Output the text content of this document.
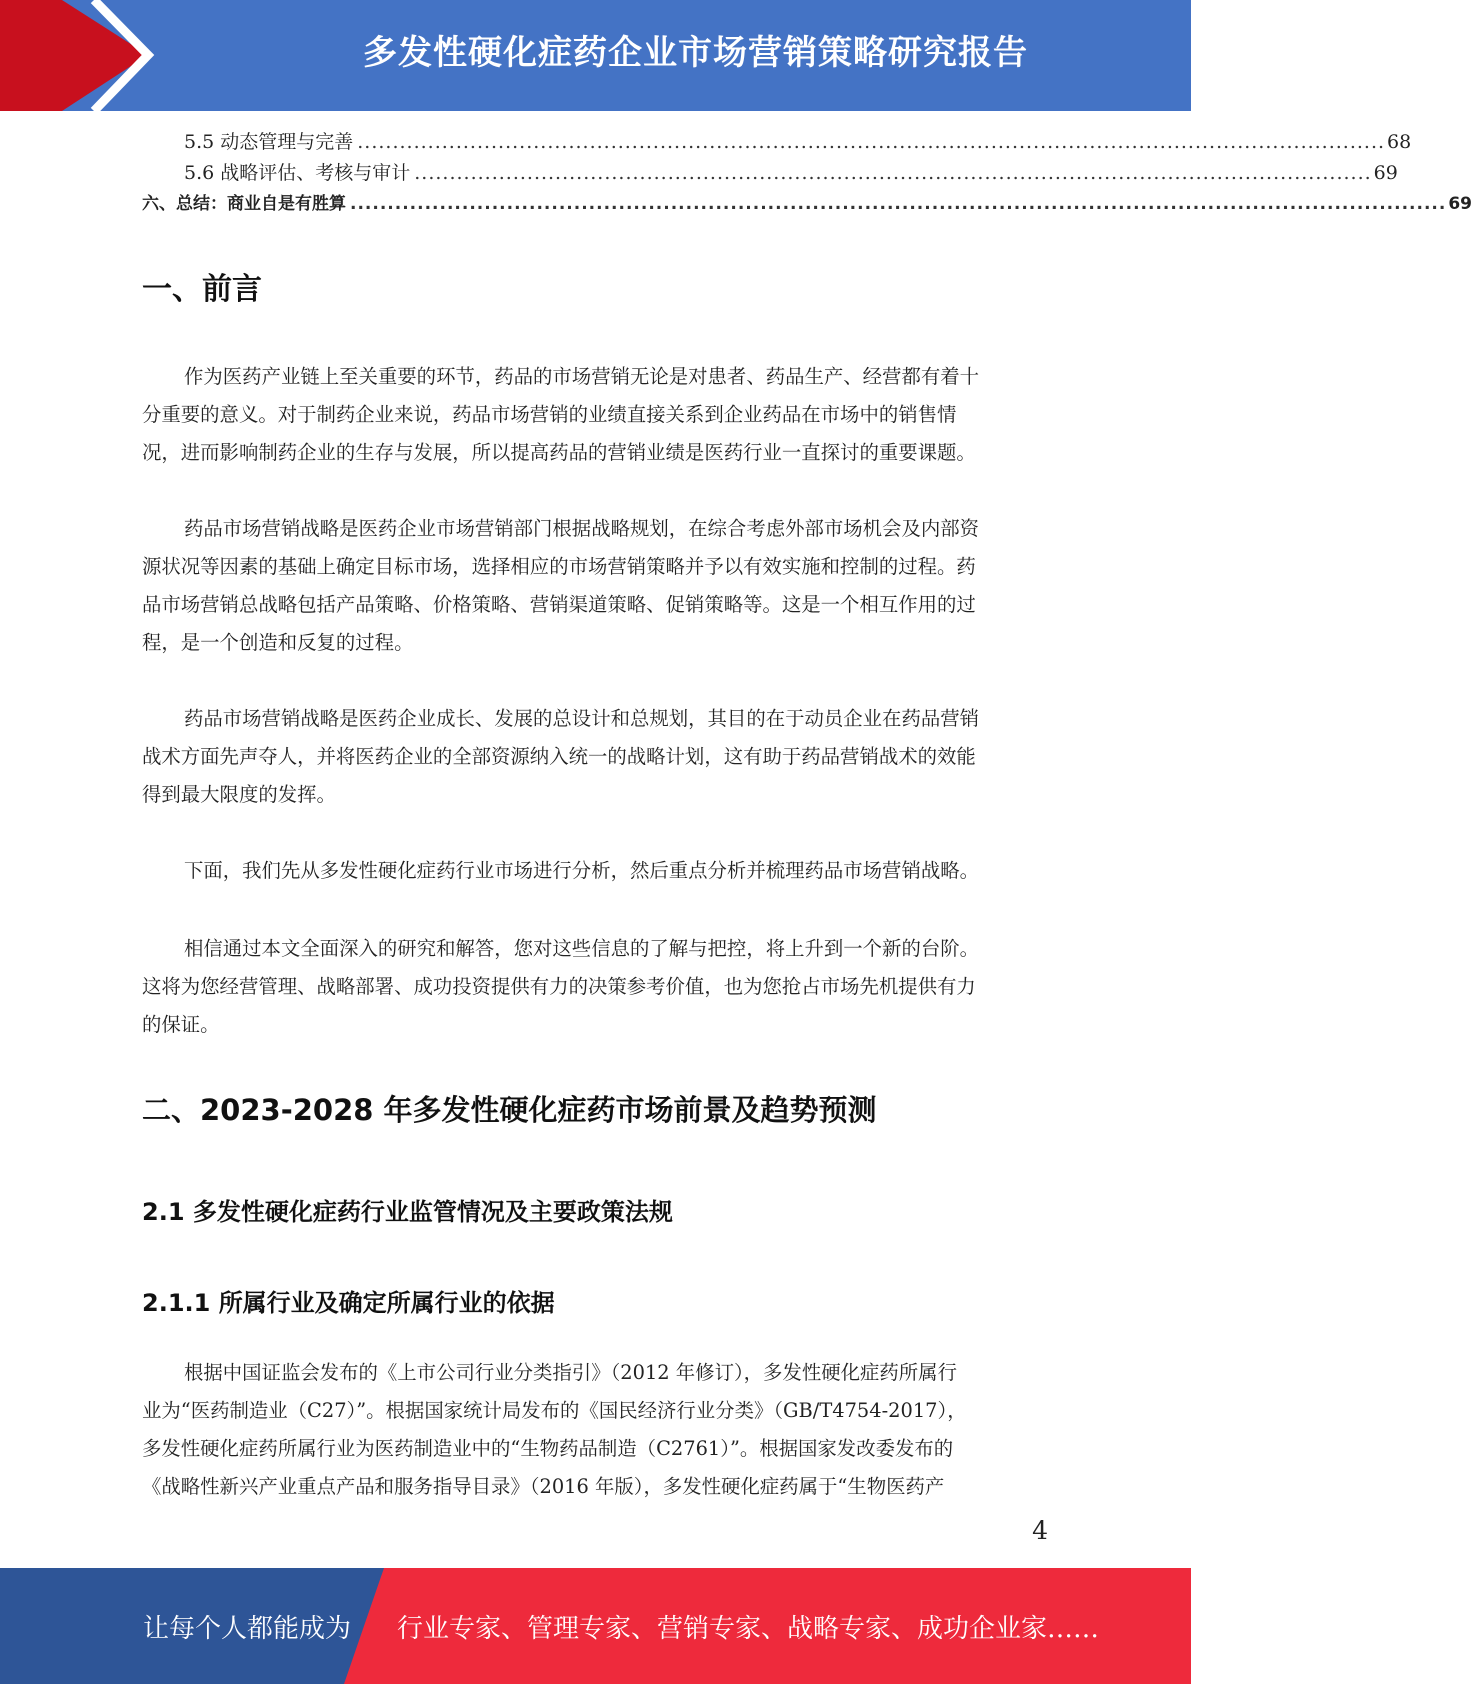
多发性硬化症药企业市场营销策略研究报告
5.5 动态管理与完善 .................................................................................................................................................. 68
5.6 战略评估、考核与审计 ........................................................................................................................................ 69
六、总结：商业自是有胜算 ................................................................................................................................................... 69
一、前言
作为医药产业链上至关重要的环节，药品的市场营销无论是对患者、药品生产、经营都有着十
分重要的意义。对于制药企业来说，药品市场营销的业绩直接关系到企业药品在市场中的销售情
况，进而影响制药企业的生存与发展，所以提高药品的营销业绩是医药行业一直探讨的重要课题。
药品市场营销战略是医药企业市场营销部门根据战略规划，在综合考虑外部市场机会及内部资
源状况等因素的基础上确定目标市场，选择相应的市场营销策略并予以有效实施和控制的过程。药
品市场营销总战略包括产品策略、价格策略、营销渠道策略、促销策略等。这是一个相互作用的过
程，是一个创造和反复的过程。
药品市场营销战略是医药企业成长、发展的总设计和总规划，其目的在于动员企业在药品营销
战术方面先声夺人，并将医药企业的全部资源纳入统一的战略计划，这有助于药品营销战术的效能
得到最大限度的发挥。
下面，我们先从多发性硬化症药行业市场进行分析，然后重点分析并梳理药品市场营销战略。
相信通过本文全面深入的研究和解答，您对这些信息的了解与把控，将上升到一个新的台阶。
这将为您经营管理、战略部署、成功投资提供有力的决策参考价值，也为您抢占市场先机提供有力
的保证。
二、2023-2028 年多发性硬化症药市场前景及趋势预测
2.1 多发性硬化症药行业监管情况及主要政策法规
2.1.1 所属行业及确定所属行业的依据
根据中国证监会发布的《上市公司行业分类指引》（2012 年修订），多发性硬化症药所属行
业为“医药制造业（C27）”。根据国家统计局发布的《国民经济行业分类》（GB/T4754-2017），
多发性硬化症药所属行业为医药制造业中的“生物药品制造（C2761）”。根据国家发改委发布的
《战略性新兴产业重点产品和服务指导目录》（2016 年版），多发性硬化症药属于“生物医药产
4
让每个人都能成为 行业专家、管理专家、营销专家、战略专家、成功企业家……
